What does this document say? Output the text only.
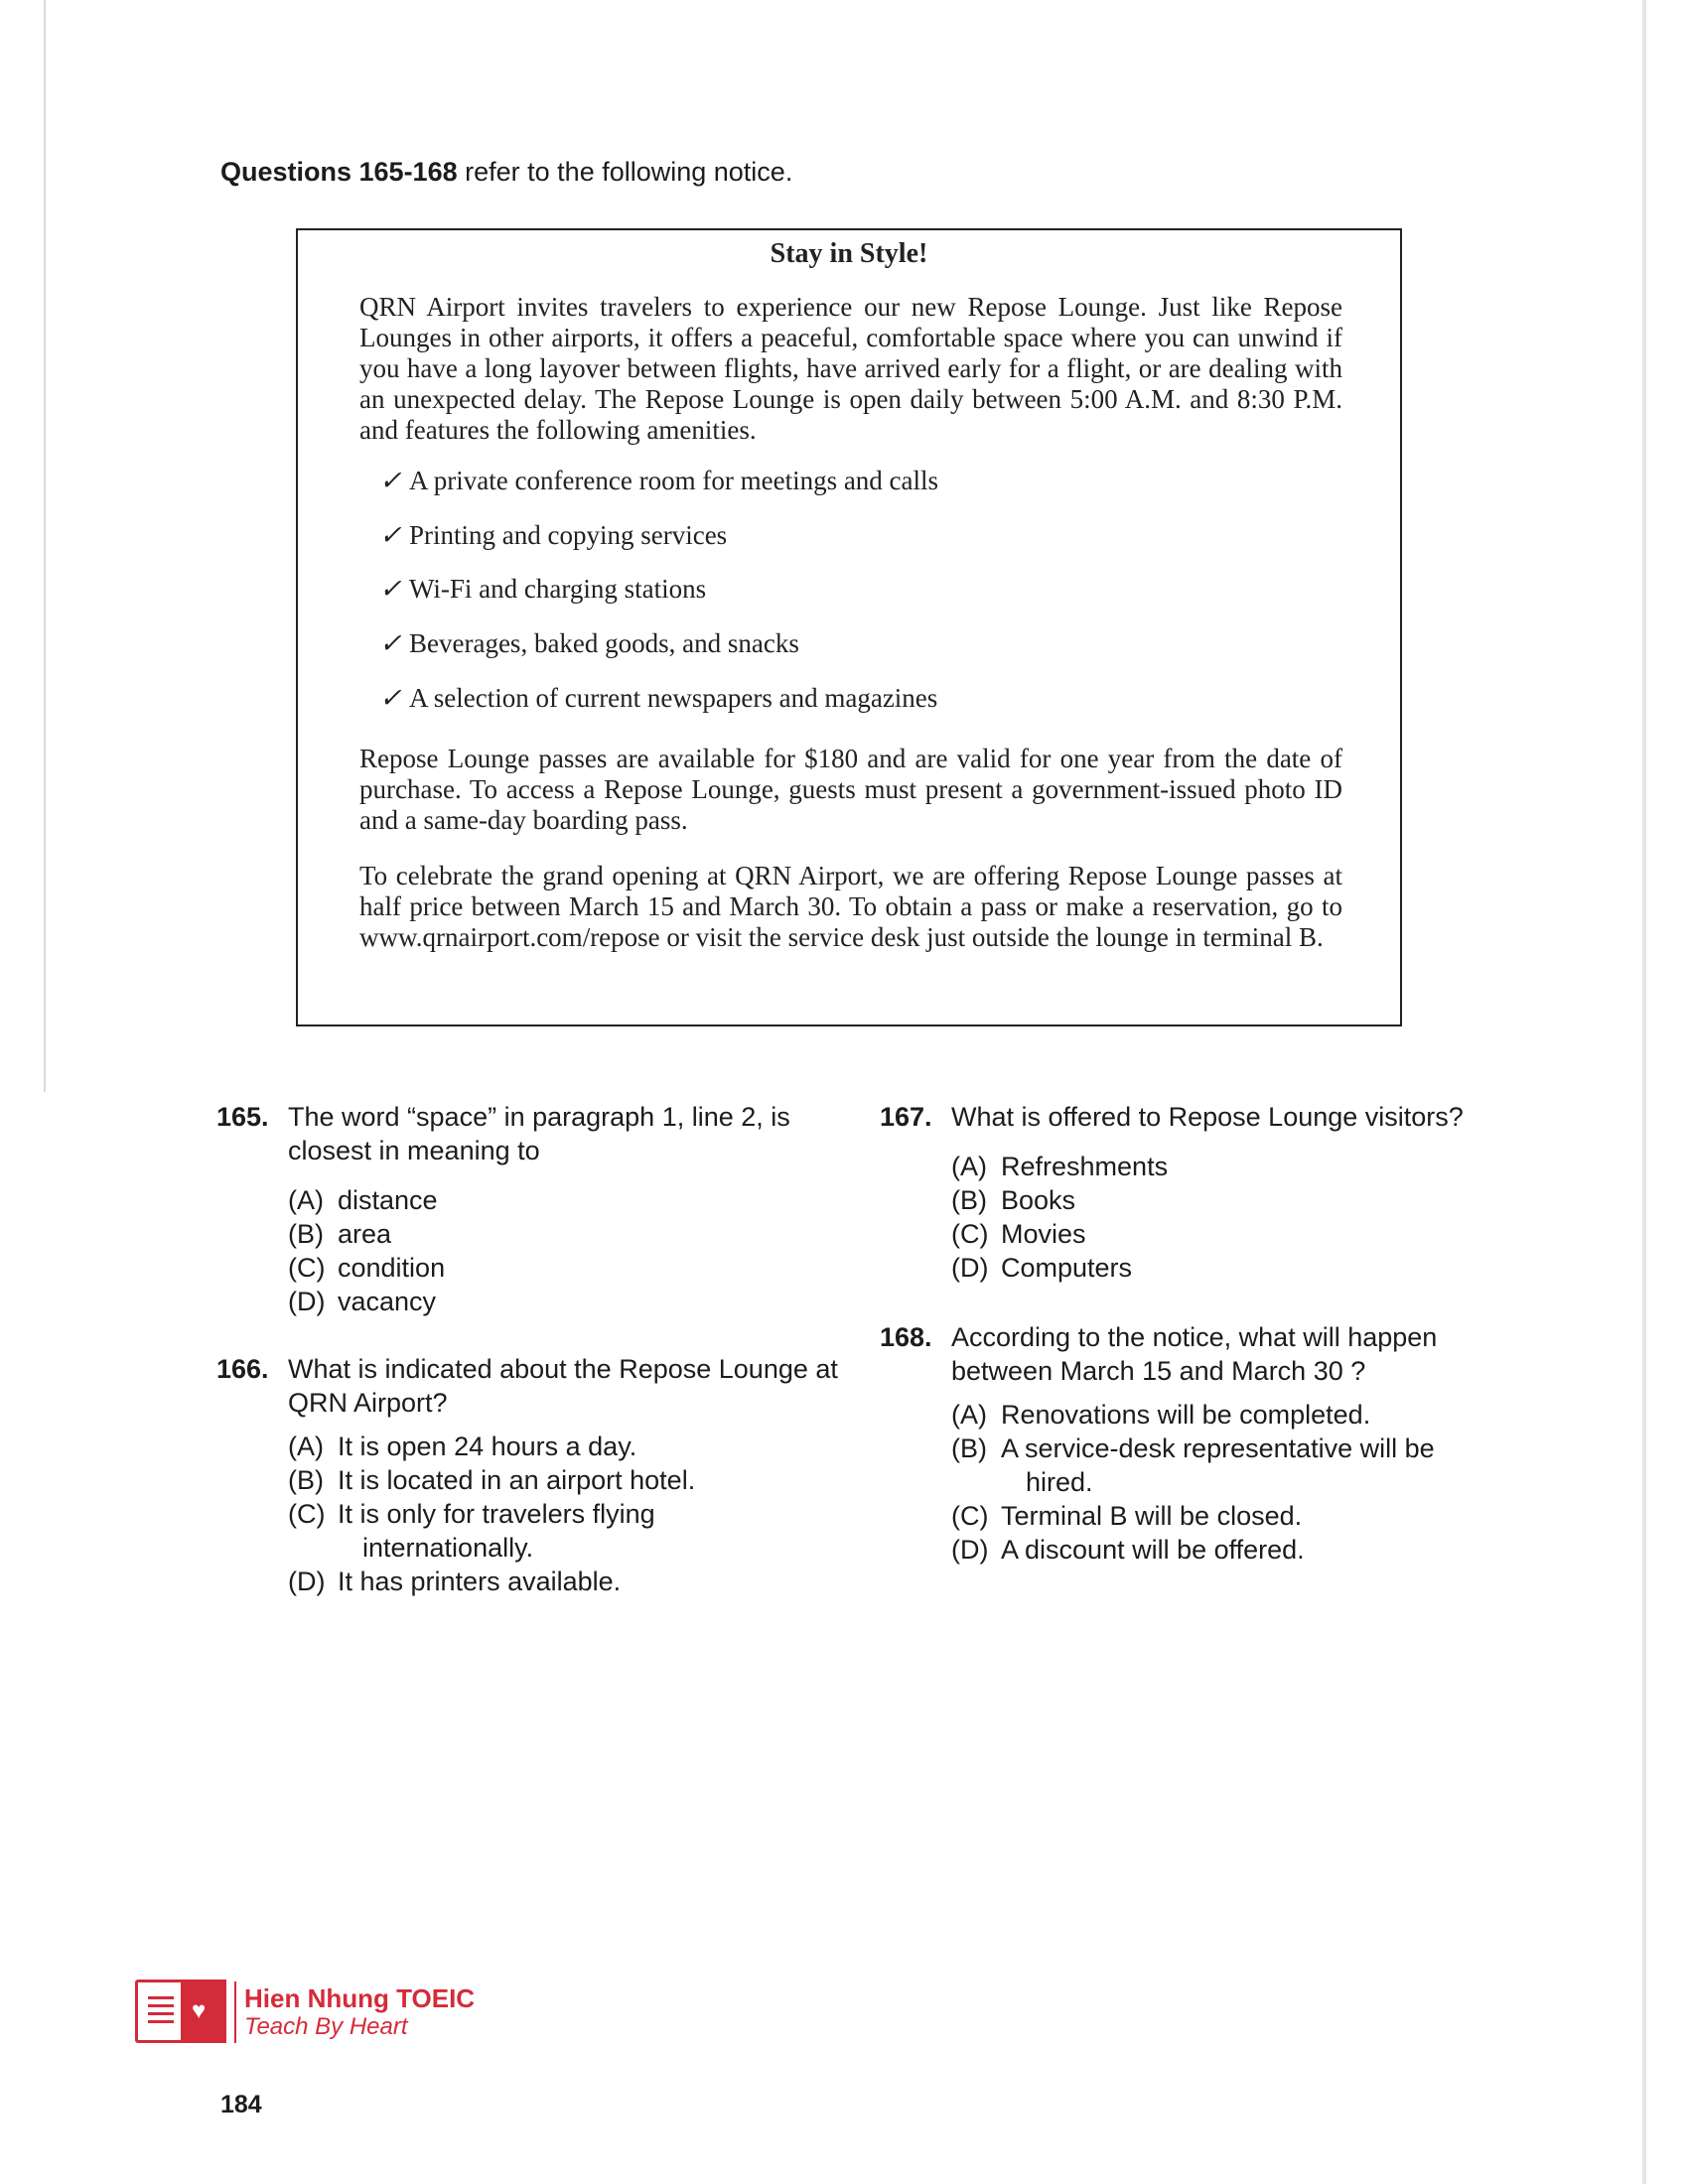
Questions 165-168 refer to the following notice.
Stay in Style!

QRN Airport invites travelers to experience our new Repose Lounge. Just like Repose Lounges in other airports, it offers a peaceful, comfortable space where you can unwind if you have a long layover between flights, have arrived early for a flight, or are dealing with an unexpected delay. The Repose Lounge is open daily between 5:00 A.M. and 8:30 P.M. and features the following amenities.

✓ A private conference room for meetings and calls
✓ Printing and copying services
✓ Wi-Fi and charging stations
✓ Beverages, baked goods, and snacks
✓ A selection of current newspapers and magazines

Repose Lounge passes are available for $180 and are valid for one year from the date of purchase. To access a Repose Lounge, guests must present a government-issued photo ID and a same-day boarding pass.

To celebrate the grand opening at QRN Airport, we are offering Repose Lounge passes at half price between March 15 and March 30. To obtain a pass or make a reservation, go to www.qrnairport.com/repose or visit the service desk just outside the lounge in terminal B.

165. The word “space” in paragraph 1, line 2, is closest in meaning to
(A) distance
(B) area
(C) condition
(D) vacancy
166. What is indicated about the Repose Lounge at QRN Airport?
(A) It is open 24 hours a day.
(B) It is located in an airport hotel.
(C) It is only for travelers flying
internationally.
(D) It has printers available.
167. What is offered to Repose Lounge visitors?
(A) Refreshments
(B) Books
(C) Movies
(D) Computers
168. According to the notice, what will happen between March 15 and March 30 ?
(A) Renovations will be completed.
(B) A service-desk representative will be
hired.
(C) Terminal B will be closed.
(D) A discount will be offered.
♥ Hien Nhung TOEIC
Teach By Heart
184
